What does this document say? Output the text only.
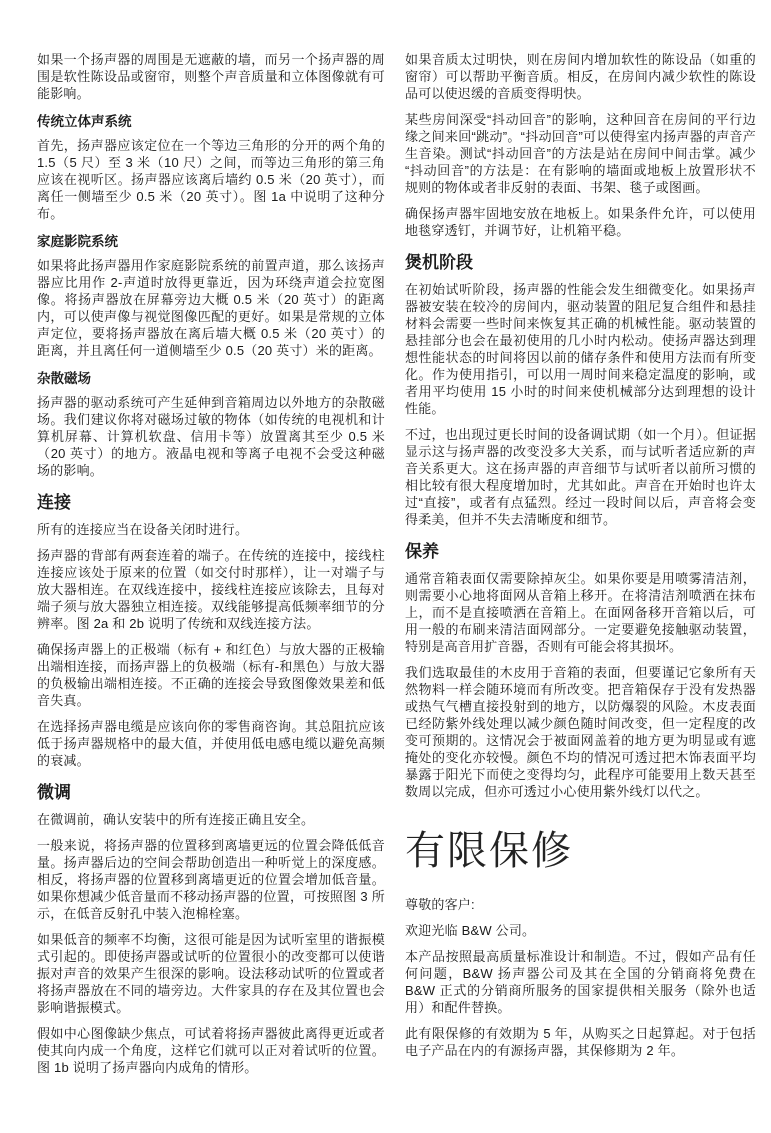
如果一个扬声器的周围是无遮蔽的墙，而另一个扬声器的周围是软性陈设品或窗帘，则整个声音质量和立体图像就有可能影响。

传统立体声系统

首先，扬声器应该定位在一个等边三角形的分开的两个角的 1.5（5 尺）至 3 米（10 尺）之间，而等边三角形的第三角应该在视听区。扬声器应该离后墙约 0.5 米（20 英寸），而离任一侧墙至少 0.5 米（20 英寸）。图 1a 中说明了这种分布。

家庭影院系统

如果将此扬声器用作家庭影院系统的前置声道，那么该扬声器应比用作 2-声道时放得更靠近，因为环绕声道会拉宽图像。将扬声器放在屏幕旁边大概 0.5 米（20 英寸）的距离内，可以使声像与视觉图像匹配的更好。如果是常规的立体声定位，要将扬声器放在离后墙大概 0.5 米（20 英寸）的距离，并且离任何一道侧墙至少 0.5（20 英寸）米的距离。

杂散磁场

扬声器的驱动系统可产生延伸到音箱周边以外地方的杂散磁场。我们建议你将对磁场过敏的物体（如传统的电视机和计算机屏幕、计算机软盘、信用卡等）放置离其至少 0.5 米（20 英寸）的地方。液晶电视和等离子电视不会受这种磁场的影响。

连接

所有的连接应当在设备关闭时进行。

扬声器的背部有两套连着的端子。在传统的连接中，接线柱连接应该处于原来的位置（如交付时那样），让一对端子与放大器相连。在双线连接中，接线柱连接应该除去，且每对端子须与放大器独立相连接。双线能够提高低频率细节的分辨率。图 2a 和 2b 说明了传统和双线连接方法。

确保扬声器上的正极端（标有 + 和红色）与放大器的正极输出端相连接，而扬声器上的负极端（标有-和黑色）与放大器的负极输出端相连接。不正确的连接会导致图像效果差和低音失真。

在选择扬声器电缆是应该向你的零售商咨询。其总阻抗应该低于扬声器规格中的最大值，并使用低电感电缆以避免高频的衰减。

微调

在微调前，确认安装中的所有连接正确且安全。

一般来说，将扬声器的位置移到离墙更远的位置会降低低音量。扬声器后边的空间会帮助创造出一种听觉上的深度感。相反，将扬声器的位置移到离墙更近的位置会增加低音量。如果你想减少低音量而不移动扬声器的位置，可按照图 3 所示，在低音反射孔中装入泡棉栓塞。

如果低音的频率不均衡，这很可能是因为试听室里的谐振模式引起的。即使扬声器或试听的位置很小的改变都可以使谐振对声音的效果产生很深的影响。设法移动试听的位置或者将扬声器放在不同的墙旁边。大件家具的存在及其位置也会影响谐振模式。

假如中心图像缺少焦点，可试着将扬声器彼此离得更近或者使其向内成一个角度，这样它们就可以正对着试听的位置。图 1b 说明了扬声器向内成角的情形。

如果音质太过明快，则在房间内增加软性的陈设品（如重的窗帘）可以帮助平衡音质。相反，在房间内减少软性的陈设品可以使迟缓的音质变得明快。

某些房间深受“抖动回音”的影响，这种回音在房间的平行边缘之间来回“跳动”。“抖动回音”可以使得室内扬声器的声音产生音染。测试“抖动回音”的方法是站在房间中间击掌。减少“抖动回音”的方法是：在有影响的墙面或地板上放置形状不规则的物体或者非反射的表面、书架、毯子或图画。

确保扬声器牢固地安放在地板上。如果条件允许，可以使用地毯穿透钉，并调节好，让机箱平稳。

煲机阶段

在初始试听阶段，扬声器的性能会发生细微变化。如果扬声器被安装在较冷的房间内，驱动装置的阻尼复合组件和悬挂材料会需要一些时间来恢复其正确的机械性能。驱动装置的悬挂部分也会在最初使用的几小时内松动。使扬声器达到理想性能状态的时间将因以前的储存条件和使用方法而有所变化。作为使用指引，可以用一周时间来稳定温度的影响，或者用平均使用 15 小时的时间来使机械部分达到理想的设计性能。

不过，也出现过更长时间的设备调试期（如一个月）。但证据显示这与扬声器的改变没多大关系，而与试听者适应新的声音关系更大。这在扬声器的声音细节与试听者以前所习惯的相比较有很大程度增加时，尤其如此。声音在开始时也许太过“直接”，或者有点猛烈。经过一段时间以后，声音将会变得柔美，但并不失去清晰度和细节。

保养

通常音箱表面仅需要除掉灰尘。如果你要是用喷雾清洁剂，则需要小心地将面网从音箱上移开。在将清洁剂喷洒在抹布上，而不是直接喷洒在音箱上。在面网备移开音箱以后，可用一般的布刷来清洁面网部分。一定要避免接触驱动装置，特别是高音用扩音器，否则有可能会将其损坏。

我们选取最佳的木皮用于音箱的表面，但要谨记它象所有天然物料一样会随环境而有所改变。把音箱保存于没有发热器或热气气槽直接投射到的地方，以防爆裂的风险。木皮表面已经防紫外线处理以减少颜色随时间改变，但一定程度的改变可预期的。这情况会于被面网盖着的地方更为明显或有遮掩处的变化亦较慢。颜色不均的情况可透过把木饰表面平均暴露于阳光下而使之变得均匀，此程序可能要用上数天甚至数周以完成，但亦可透过小心使用紫外线灯以代之。

有限保修

尊敬的客户:

欢迎光临 B&W 公司。

本产品按照最高质量标准设计和制造。不过，假如产品有任何问题，B&W 扬声器公司及其在全国的分销商将免费在 B&W 正式的分销商所服务的国家提供相关服务（除外也适用）和配件替换。

此有限保修的有效期为 5 年，从购买之日起算起。对于包括电子产品在内的有源扬声器，其保修期为 2 年。
